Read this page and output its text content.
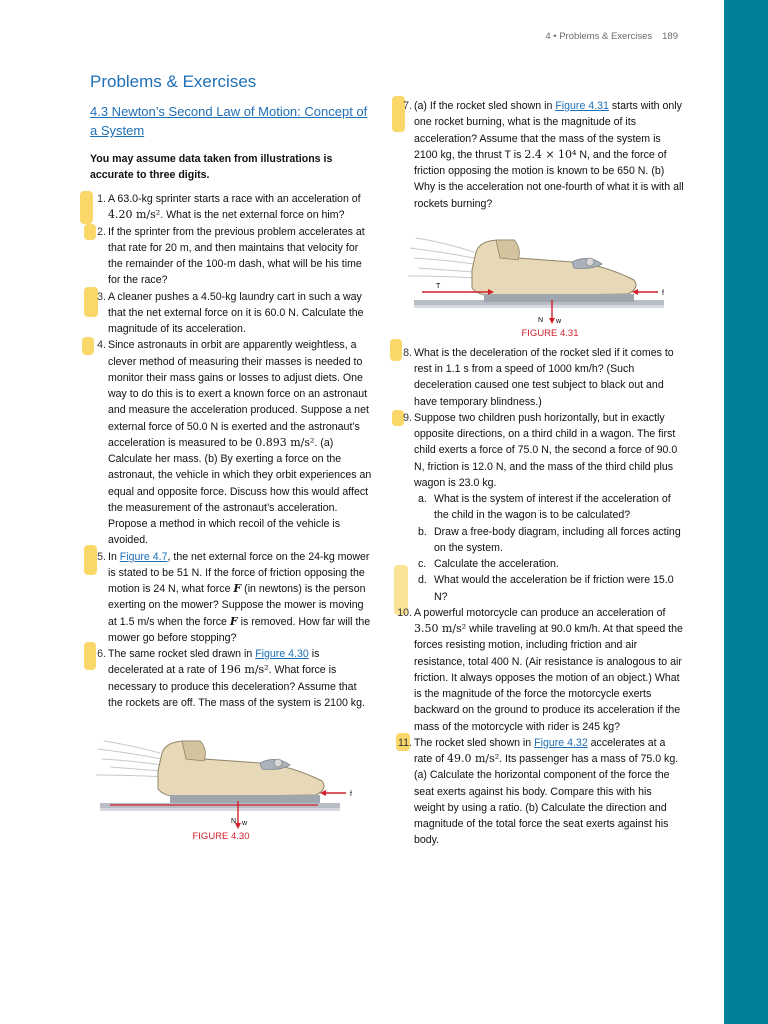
4 • Problems & Exercises 189
Problems & Exercises
4.3 Newton’s Second Law of Motion: Concept of a System

You may assume data taken from illustrations is accurate to three digits.

1. A 63.0-kg sprinter starts a race with an acceleration of 4.20 m/s². What is the net external force on him?
2. If the sprinter from the previous problem accelerates at that rate for 20 m, and then maintains that velocity for the remainder of the 100-m dash, what will be his time for the race?
3. A cleaner pushes a 4.50-kg laundry cart in such a way that the net external force on it is 60.0 N. Calculate the magnitude of its acceleration.
4. Since astronauts in orbit are apparently weightless, a clever method of measuring their masses is needed to monitor their mass gains or losses to adjust diets. One way to do this is to exert a known force on an astronaut and measure the acceleration produced. Suppose a net external force of 50.0 N is exerted and the astronaut’s acceleration is measured to be 0.893 m/s². (a) Calculate her mass. (b) By exerting a force on the astronaut, the vehicle in which they orbit experiences an equal and opposite force. Discuss how this would affect the measurement of the astronaut’s acceleration. Propose a method in which recoil of the vehicle is avoided.
5. In Figure 4.7, the net external force on the 24-kg mower is stated to be 51 N. If the force of friction opposing the motion is 24 N, what force F (in newtons) is the person exerting on the mower? Suppose the mower is moving at 1.5 m/s when the force F is removed. How far will the mower go before stopping?
6. The same rocket sled drawn in Figure 4.30 is decelerated at a rate of 196 m/s². What force is necessary to produce this deceleration? Assume that the rockets are off. The mass of the system is 2100 kg.
N w
f
FIGURE 4.30
7. (a) If the rocket sled shown in Figure 4.31 starts with only one rocket burning, what is the magnitude of its acceleration? Assume that the mass of the system is 2100 kg, the thrust T is 2.4 × 10⁴ N, and the force of friction opposing the motion is known to be 650 N. (b) Why is the acceleration not one-fourth of what it is with all rockets burning?
T
N w
f
FIGURE 4.31
8. What is the deceleration of the rocket sled if it comes to rest in 1.1 s from a speed of 1000 km/h? (Such deceleration caused one test subject to black out and have temporary blindness.)
9. Suppose two children push horizontally, but in exactly opposite directions, on a third child in a wagon. The first child exerts a force of 75.0 N, the second a force of 90.0 N, friction is 12.0 N, and the mass of the third child plus wagon is 23.0 kg.
a. What is the system of interest if the acceleration of the child in the wagon is to be calculated?
b. Draw a free-body diagram, including all forces acting on the system.
c. Calculate the acceleration.
d. What would the acceleration be if friction were 15.0 N?
10. A powerful motorcycle can produce an acceleration of 3.50 m/s² while traveling at 90.0 km/h. At that speed the forces resisting motion, including friction and air resistance, total 400 N. (Air resistance is analogous to air friction. It always opposes the motion of an object.) What is the magnitude of the force the motorcycle exerts backward on the ground to produce its acceleration if the mass of the motorcycle with rider is 245 kg?
11. The rocket sled shown in Figure 4.32 accelerates at a rate of 49.0 m/s². Its passenger has a mass of 75.0 kg. (a) Calculate the horizontal component of the force the seat exerts against his body. Compare this with his weight by using a ratio. (b) Calculate the direction and magnitude of the total force the seat exerts against his body.
